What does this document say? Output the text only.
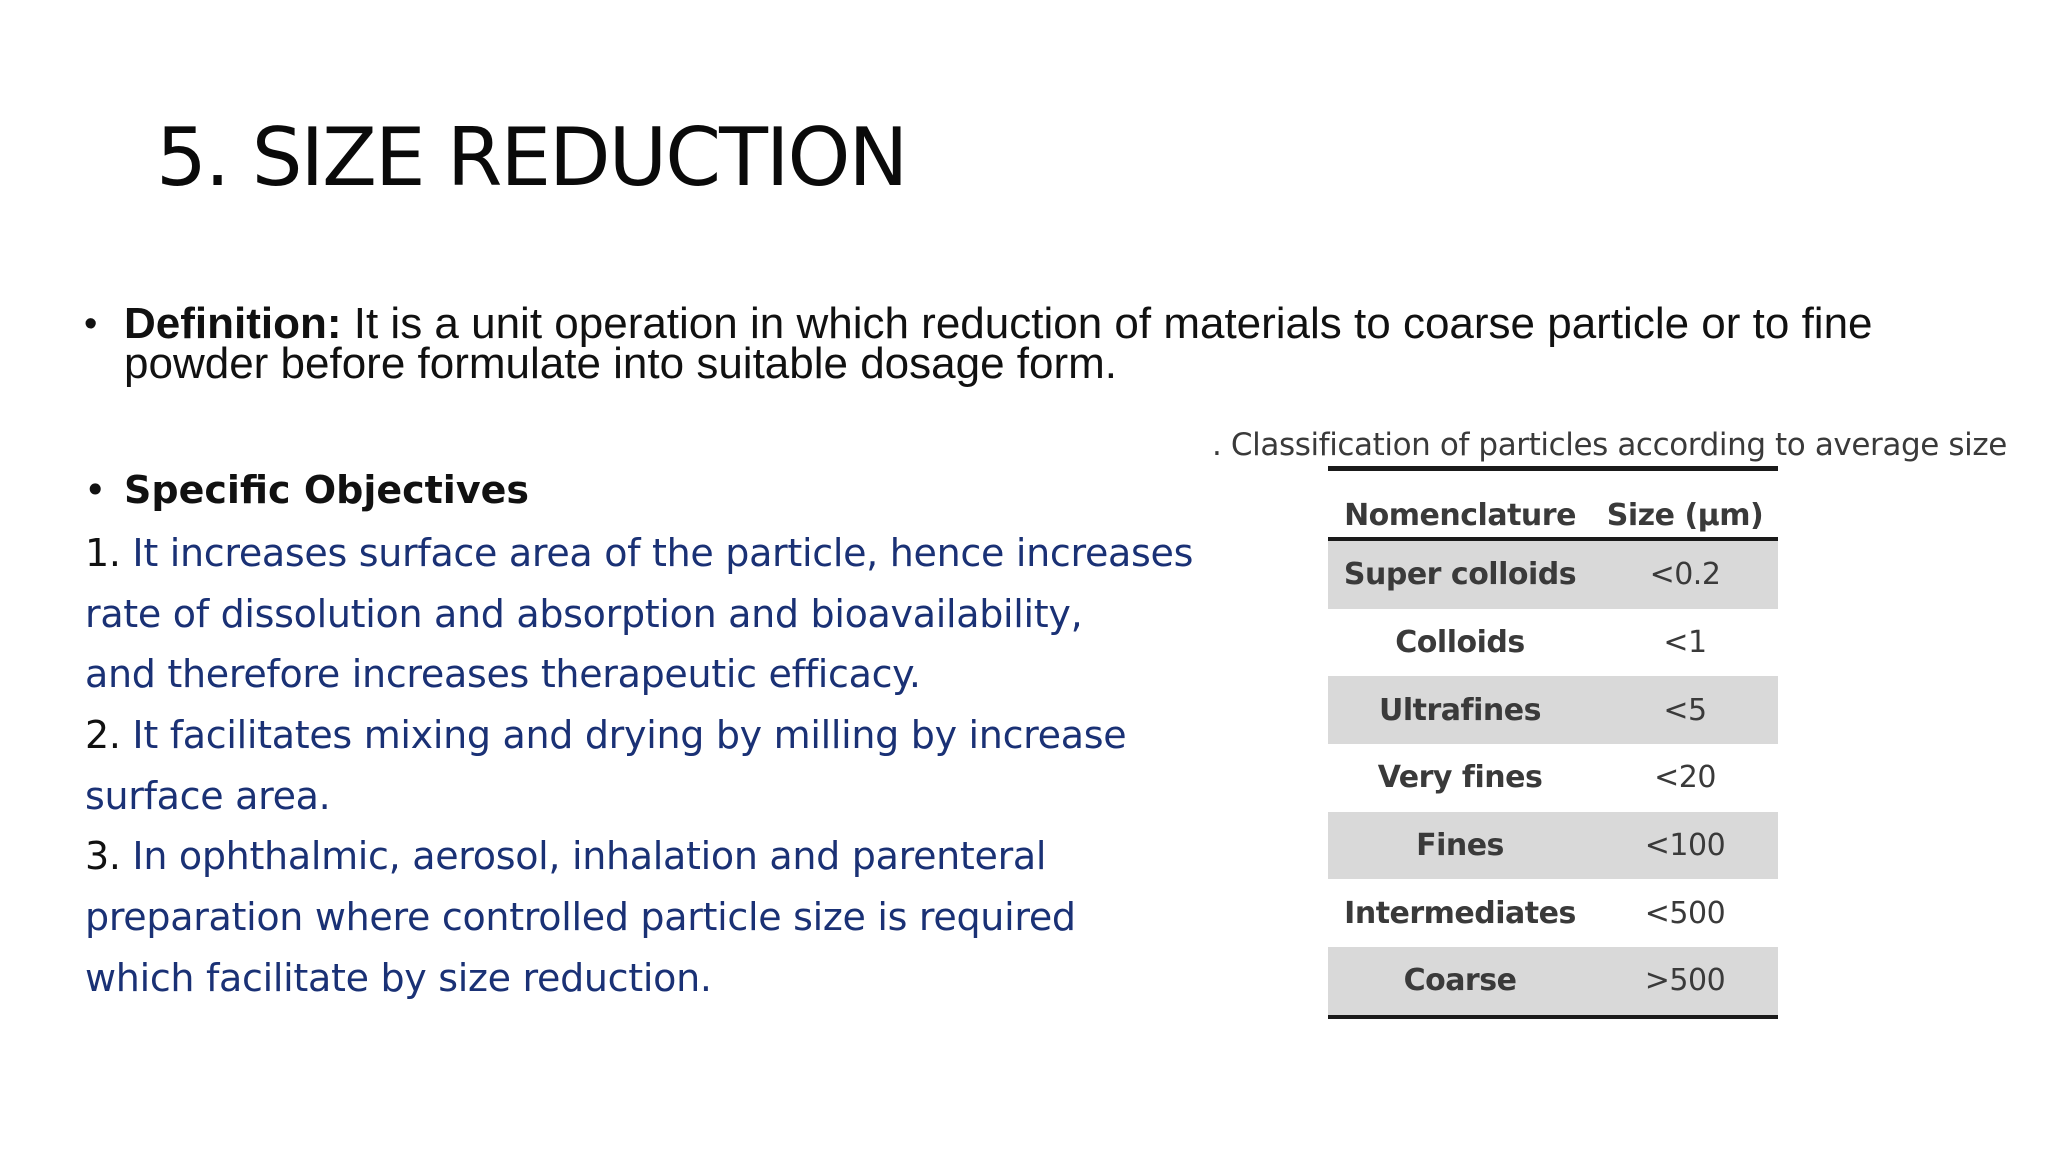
5. SIZE REDUCTION
• Definition: It is a unit operation in which reduction of materials to coarse particle or to fine powder before formulate into suitable dosage form.
• Specific Objectives
1. It increases surface area of the particle, hence increases
rate of dissolution and absorption and bioavailability,
and therefore increases therapeutic efficacy.
2. It facilitates mixing and drying by milling by increase
surface area.
3. In ophthalmic, aerosol, inhalation and parenteral
preparation where controlled particle size is required
which facilitate by size reduction.
. Classification of particles according to average size
Nomenclature	Size (µm)
Super colloids	<0.2
Colloids	<1
Ultrafines	<5
Very fines	<20
Fines	<100
Intermediates	<500
Coarse	>500
